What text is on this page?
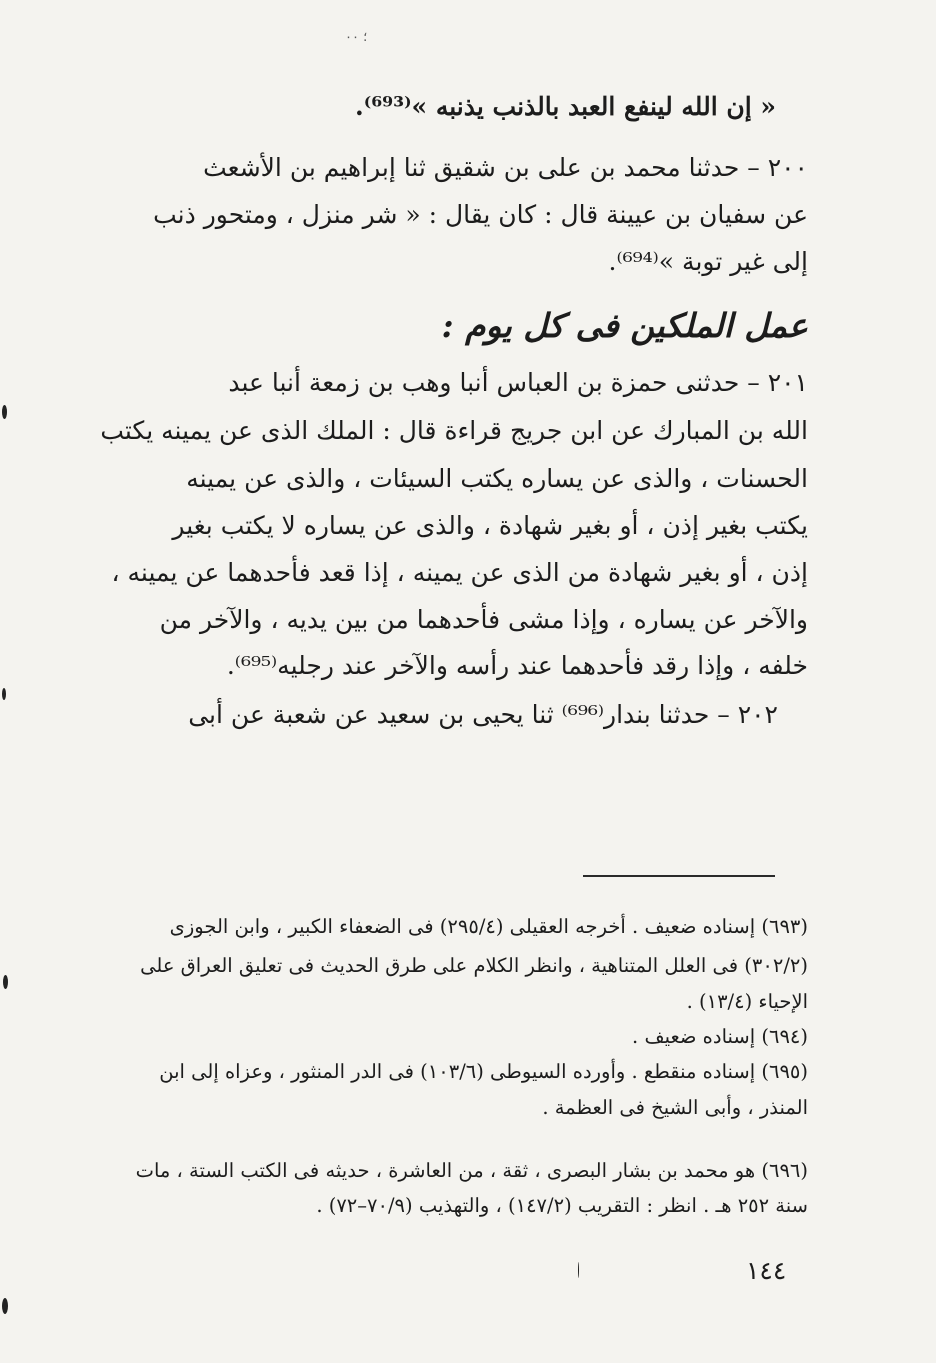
؛ ٠٠
« إن الله لينفع العبد بالذنب يذنبه »⁽⁶⁹³⁾.
٢٠٠ – حدثنا محمد بن على بن شقيق ثنا إبراهيم بن الأشعث
عن سفيان بن عيينة قال : كان يقال : « شر منزل ، ومتحور ذنب
إلى غير توبة »⁽⁶⁹⁴⁾.
عمل الملكين فى كل يوم :
٢٠١ – حدثنى حمزة بن العباس أنبا وهب بن زمعة أنبا عبد
الله بن المبارك عن ابن جريج قراءة قال : الملك الذى عن يمينه يكتب
الحسنات ، والذى عن يساره يكتب السيئات ، والذى عن يمينه
يكتب بغير إذن ، أو بغير شهادة ، والذى عن يساره لا يكتب بغير
إذن ، أو بغير شهادة من الذى عن يمينه ، إذا قعد فأحدهما عن يمينه ،
والآخر عن يساره ، وإذا مشى فأحدهما من بين يديه ، والآخر من
خلفه ، وإذا رقد فأحدهما عند رأسه والآخر عند رجليه⁽⁶⁹⁵⁾.
٢٠٢ – حدثنا بندار⁽⁶⁹⁶⁾ ثنا يحيى بن سعيد عن شعبة عن أبى
(٦٩٣) إسناده ضعيف . أخرجه العقيلى (٢٩٥/٤) فى الضعفاء الكبير ، وابن الجوزى
(٣٠٢/٢) فى العلل المتناهية ، وانظر الكلام على طرق الحديث فى تعليق العراق على
الإحياء (١٣/٤) .
(٦٩٤) إسناده ضعيف .
(٦٩٥) إسناده منقطع . وأورده السيوطى (١٠٣/٦) فى الدر المنثور ، وعزاه إلى ابن
المنذر ، وأبى الشيخ فى العظمة .
(٦٩٦) هو محمد بن بشار البصرى ، ثقة ، من العاشرة ، حديثه فى الكتب الستة ، مات
سنة ٢٥٢ هـ . انظر : التقريب (١٤٧/٢) ، والتهذيب (٧٠/٩–٧٢) .
١٤٤
